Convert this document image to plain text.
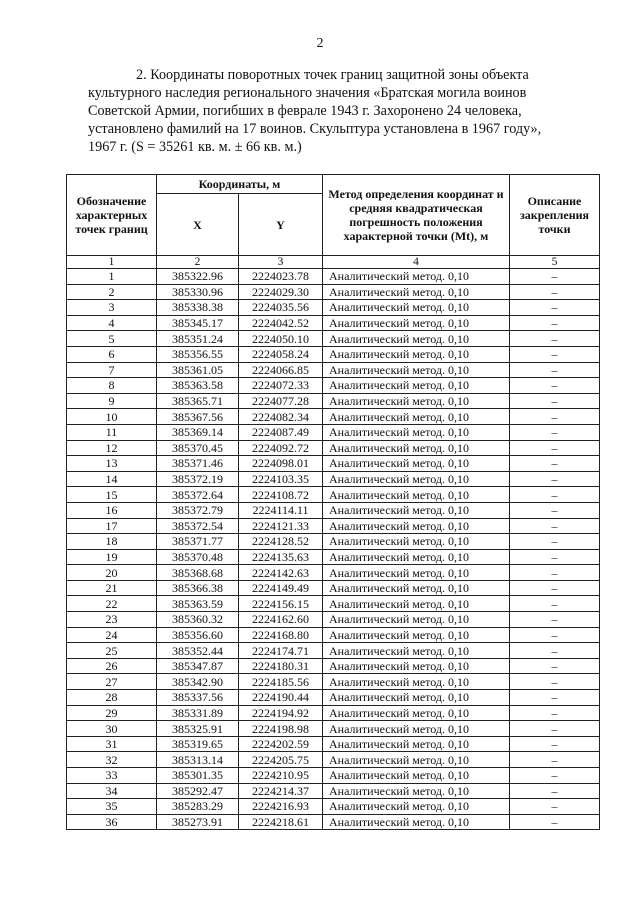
2
2. Координаты поворотных точек границ защитной зоны объекта
культурного наследия регионального значения «Братская могила воинов
Советской Армии, погибших в феврале 1943 г. Захоронено 24 человека,
установлено фамилий на 17 воинов. Скульптура установлена в 1967 году»,
1967 г. (S = 35261 кв. м. ± 66 кв. м.)
Обозначение характерных точек границ	Координаты, м		Метод определения координат и средняя квадратическая погрешность положения характерной точки (Mt), м	Описание закрепления точки
	X	Y		
1	2	3	4	5
1	385322.96	2224023.78	Аналитический метод. 0,10	–
2	385330.96	2224029.30	Аналитический метод. 0,10	–
3	385338.38	2224035.56	Аналитический метод. 0,10	–
4	385345.17	2224042.52	Аналитический метод. 0,10	–
5	385351.24	2224050.10	Аналитический метод. 0,10	–
6	385356.55	2224058.24	Аналитический метод. 0,10	–
7	385361.05	2224066.85	Аналитический метод. 0,10	–
8	385363.58	2224072.33	Аналитический метод. 0,10	–
9	385365.71	2224077.28	Аналитический метод. 0,10	–
10	385367.56	2224082.34	Аналитический метод. 0,10	–
11	385369.14	2224087.49	Аналитический метод. 0,10	–
12	385370.45	2224092.72	Аналитический метод. 0,10	–
13	385371.46	2224098.01	Аналитический метод. 0,10	–
14	385372.19	2224103.35	Аналитический метод. 0,10	–
15	385372.64	2224108.72	Аналитический метод. 0,10	–
16	385372.79	2224114.11	Аналитический метод. 0,10	–
17	385372.54	2224121.33	Аналитический метод. 0,10	–
18	385371.77	2224128.52	Аналитический метод. 0,10	–
19	385370.48	2224135.63	Аналитический метод. 0,10	–
20	385368.68	2224142.63	Аналитический метод. 0,10	–
21	385366.38	2224149.49	Аналитический метод. 0,10	–
22	385363.59	2224156.15	Аналитический метод. 0,10	–
23	385360.32	2224162.60	Аналитический метод. 0,10	–
24	385356.60	2224168.80	Аналитический метод. 0,10	–
25	385352.44	2224174.71	Аналитический метод. 0,10	–
26	385347.87	2224180.31	Аналитический метод. 0,10	–
27	385342.90	2224185.56	Аналитический метод. 0,10	–
28	385337.56	2224190.44	Аналитический метод. 0,10	–
29	385331.89	2224194.92	Аналитический метод. 0,10	–
30	385325.91	2224198.98	Аналитический метод. 0,10	–
31	385319.65	2224202.59	Аналитический метод. 0,10	–
32	385313.14	2224205.75	Аналитический метод. 0,10	–
33	385301.35	2224210.95	Аналитический метод. 0,10	–
34	385292.47	2224214.37	Аналитический метод. 0,10	–
35	385283.29	2224216.93	Аналитический метод. 0,10	–
36	385273.91	2224218.61	Аналитический метод. 0,10	–
